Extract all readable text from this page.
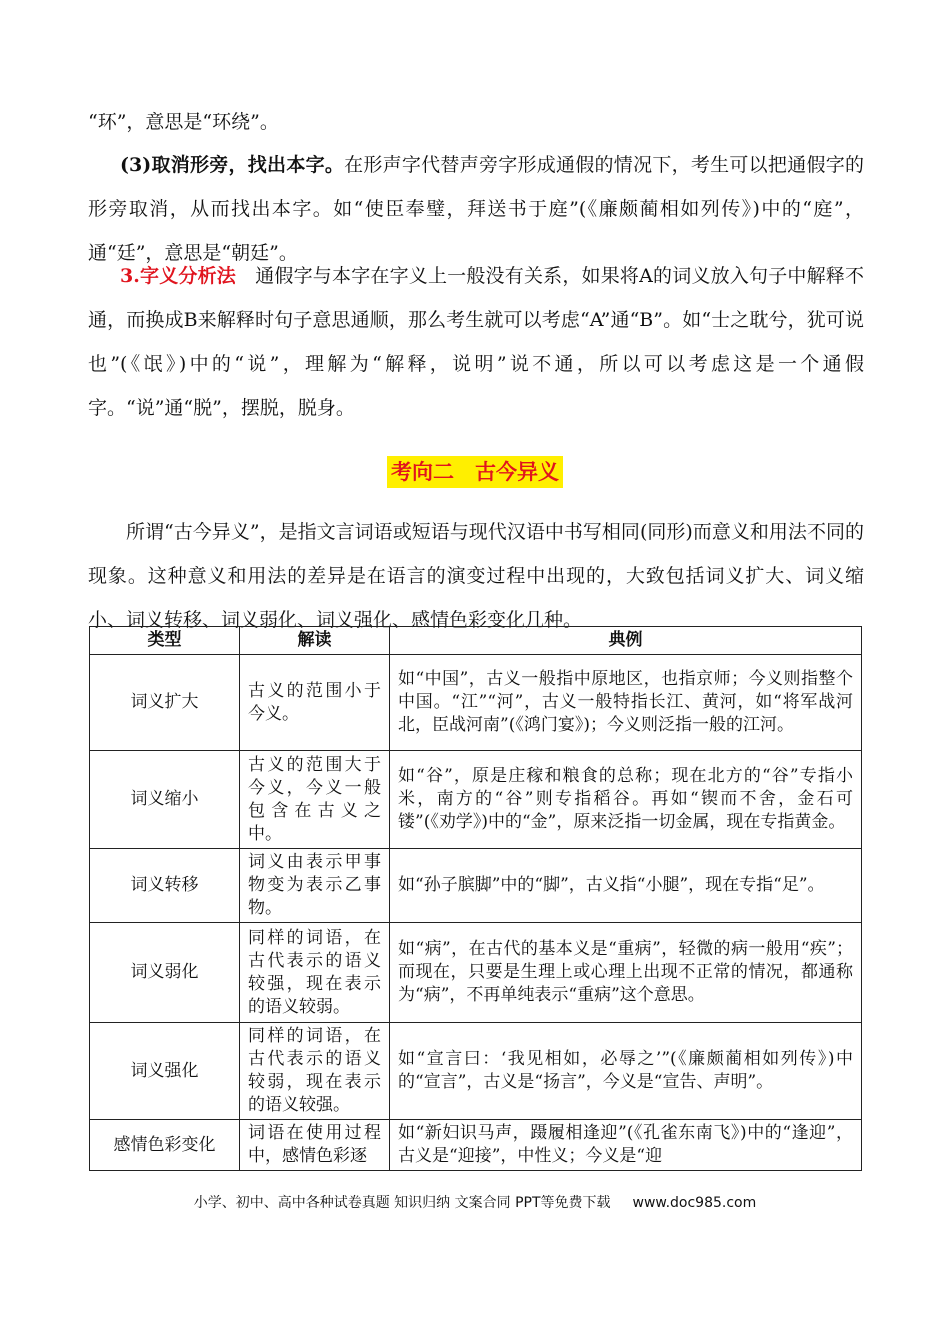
“环”，意思是“环绕”。

(3)取消形旁，找出本字。在形声字代替声旁字形成通假的情况下，考生可以把通假字的形旁取消，从而找出本字。如“使臣奉璧，拜送书于庭”(《廉颇蔺相如列传》)中的“庭”，通“廷”，意思是“朝廷”。

3.字义分析法　通假字与本字在字义上一般没有关系，如果将A的词义放入句子中解释不通，而换成B来解释时句子意思通顺，那么考生就可以考虑“A”通“B”。如“士之耽兮，犹可说也”(《氓》)中的“说”，理解为“解释，说明”说不通，所以可以考虑这是一个通假字。“说”通“脱”，摆脱，脱身。

考向二　古今异义

所谓“古今异义”，是指文言词语或短语与现代汉语中书写相同(同形)而意义和用法不同的现象。这种意义和用法的差异是在语言的演变过程中出现的，大致包括词义扩大、词义缩小、词义转移、词义弱化、词义强化、感情色彩变化几种。

类型	解读	典例
词义扩大	古义的范围小于今义。	如“中国”，古义一般指中原地区，也指京师；今义则指整个中国。“江”“河”，古义一般特指长江、黄河，如“将军战河北，臣战河南”(《鸿门宴》)；今义则泛指一般的江河。
词义缩小	古义的范围大于今义，今义一般包含在古义之中。	如“谷”，原是庄稼和粮食的总称；现在北方的“谷”专指小米，南方的“谷”则专指稻谷。再如“锲而不舍，金石可镂”(《劝学》)中的“金”，原来泛指一切金属，现在专指黄金。
词义转移	词义由表示甲事物变为表示乙事物。	如“孙子膑脚”中的“脚”，古义指“小腿”，现在专指“足”。
词义弱化	同样的词语，在古代表示的语义较强，现在表示的语义较弱。	如“病”，在古代的基本义是“重病”，轻微的病一般用“疾”；而现在，只要是生理上或心理上出现不正常的情况，都通称为“病”，不再单纯表示“重病”这个意思。
词义强化	同样的词语，在古代表示的语义较弱，现在表示的语义较强。	如“宣言曰：‘我见相如，必辱之’”(《廉颇蔺相如列传》)中的“宣言”，古义是“扬言”，今义是“宣告、声明”。
感情色彩变化	词语在使用过程中，感情色彩逐	如“新妇识马声，蹑履相逢迎”(《孔雀东南飞》)中的“逢迎”，古义是“迎接”，中性义；今义是“迎
小学、初中、高中各种试卷真题 知识归纳 文案合同 PPT等免费下载 www.doc985.com
